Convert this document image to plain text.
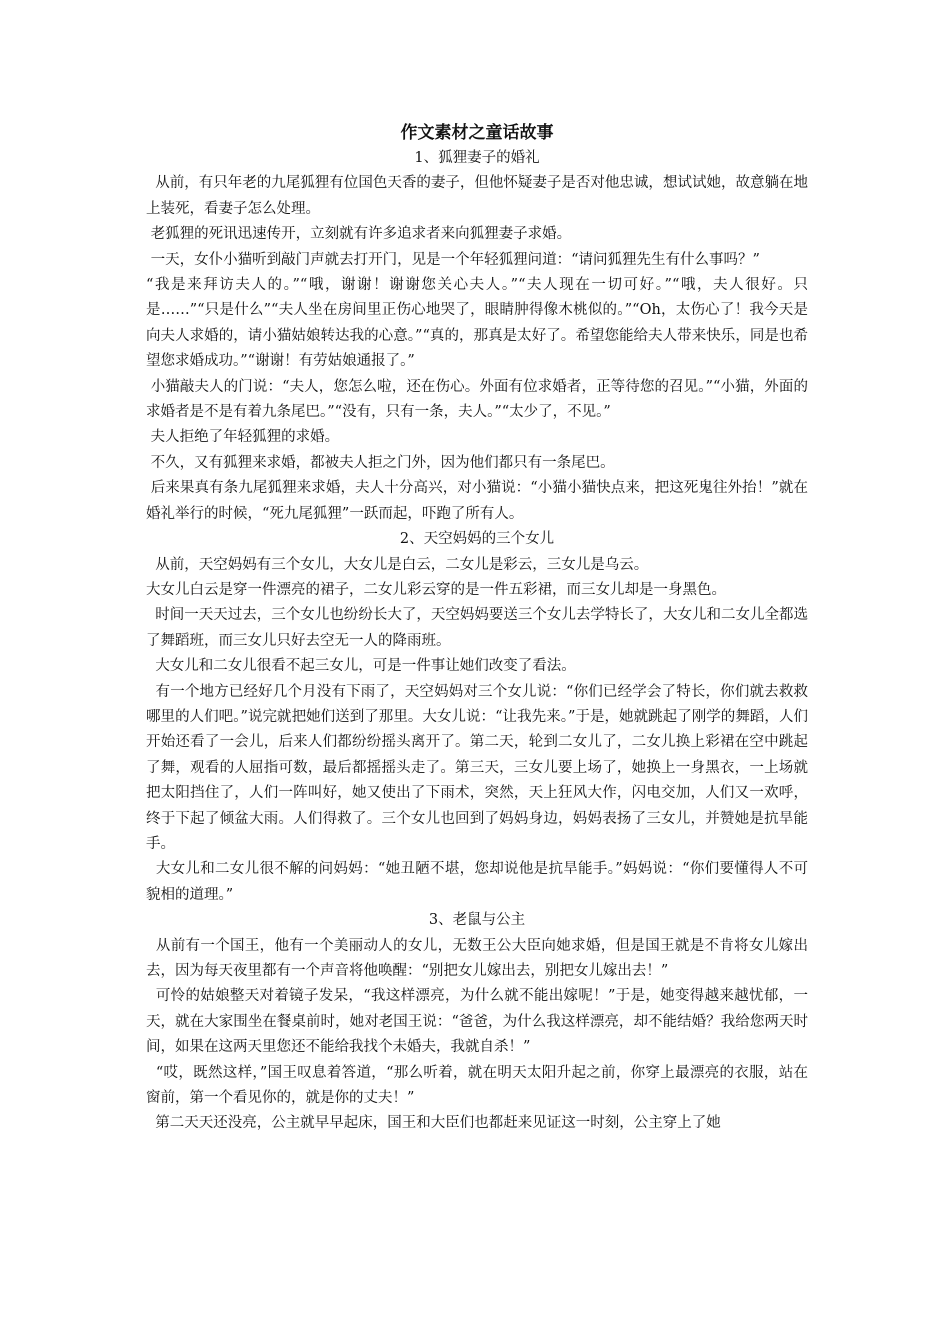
作文素材之童话故事

1、狐狸妻子的婚礼

从前，有只年老的九尾狐狸有位国色天香的妻子，但他怀疑妻子是否对他忠诚，想试试她，故意躺在地上装死，看妻子怎么处理。

老狐狸的死讯迅速传开，立刻就有许多追求者来向狐狸妻子求婚。

一天，女仆小猫听到敲门声就去打开门，见是一个年轻狐狸问道：“请问狐狸先生有什么事吗？”

“我是来拜访夫人的。”“哦，谢谢！谢谢您关心夫人。”“夫人现在一切可好。”“哦，夫人很好。只是……”“只是什么”“夫人坐在房间里正伤心地哭了，眼睛肿得像木桃似的。”“Oh，太伤心了！我今天是向夫人求婚的，请小猫姑娘转达我的心意。”“真的，那真是太好了。希望您能给夫人带来快乐，同是也希望您求婚成功。”“谢谢！有劳姑娘通报了。”

小猫敲夫人的门说：“夫人，您怎么啦，还在伤心。外面有位求婚者，正等待您的召见。”“小猫，外面的求婚者是不是有着九条尾巴。”“没有，只有一条，夫人。”“太少了，不见。”

夫人拒绝了年轻狐狸的求婚。

不久，又有狐狸来求婚，都被夫人拒之门外，因为他们都只有一条尾巴。

后来果真有条九尾狐狸来求婚，夫人十分高兴，对小猫说：“小猫小猫快点来，把这死鬼往外抬！”就在婚礼举行的时候，“死九尾狐狸”一跃而起，吓跑了所有人。

2、天空妈妈的三个女儿

从前，天空妈妈有三个女儿，大女儿是白云，二女儿是彩云，三女儿是乌云。

大女儿白云是穿一件漂亮的裙子，二女儿彩云穿的是一件五彩裙，而三女儿却是一身黑色。

时间一天天过去，三个女儿也纷纷长大了，天空妈妈要送三个女儿去学特长了，大女儿和二女儿全都选了舞蹈班，而三女儿只好去空无一人的降雨班。

大女儿和二女儿很看不起三女儿，可是一件事让她们改变了看法。

有一个地方已经好几个月没有下雨了，天空妈妈对三个女儿说：“你们已经学会了特长，你们就去救救哪里的人们吧。”说完就把她们送到了那里。大女儿说：“让我先来。”于是，她就跳起了刚学的舞蹈，人们开始还看了一会儿，后来人们都纷纷摇头离开了。第二天，轮到二女儿了，二女儿换上彩裙在空中跳起了舞，观看的人屈指可数，最后都摇摇头走了。第三天，三女儿要上场了，她换上一身黑衣，一上场就把太阳挡住了，人们一阵叫好，她又使出了下雨术，突然，天上狂风大作，闪电交加，人们又一欢呼，终于下起了倾盆大雨。人们得救了。三个女儿也回到了妈妈身边，妈妈表扬了三女儿，并赞她是抗旱能手。

大女儿和二女儿很不解的问妈妈：“她丑陋不堪，您却说他是抗旱能手。”妈妈说：“你们要懂得人不可貌相的道理。”

3、老鼠与公主

从前有一个国王，他有一个美丽动人的女儿，无数王公大臣向她求婚，但是国王就是不肯将女儿嫁出去，因为每天夜里都有一个声音将他唤醒：“别把女儿嫁出去，别把女儿嫁出去！”

可怜的姑娘整天对着镜子发呆，“我这样漂亮，为什么就不能出嫁呢！”于是，她变得越来越忧郁，一天，就在大家围坐在餐桌前时，她对老国王说：“爸爸，为什么我这样漂亮，却不能结婚？我给您两天时间，如果在这两天里您还不能给我找个未婚夫，我就自杀！”

“哎，既然这样，”国王叹息着答道，“那么听着，就在明天太阳升起之前，你穿上最漂亮的衣服，站在窗前，第一个看见你的，就是你的丈夫！”

第二天天还没亮，公主就早早起床，国王和大臣们也都赶来见证这一时刻，公主穿上了她
